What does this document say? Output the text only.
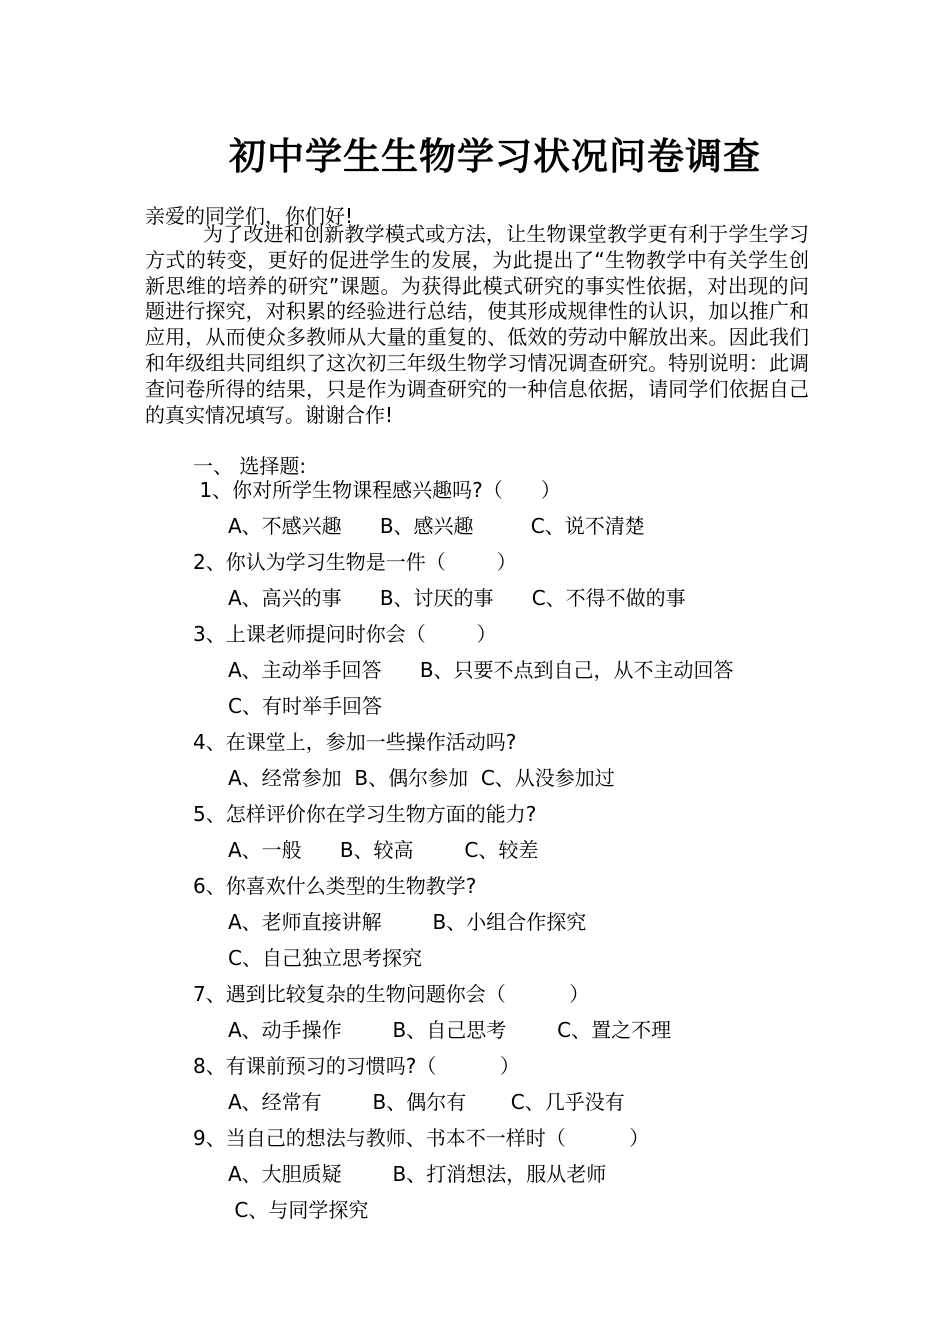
初中学生生物学习状况问卷调查
亲爱的同学们，你们好!
为了改进和创新教学模式或方法，让生物课堂教学更有利于学生学习方式的转变，更好的促进学生的发展，为此提出了“生物教学中有关学生创新思维的培养的研究”课题。为获得此模式研究的事实性依据，对出现的问题进行探究，对积累的经验进行总结，使其形成规律性的认识，加以推广和应用，从而使众多教师从大量的重复的、低效的劳动中解放出来。因此我们和年级组共同组织了这次初三年级生物学习情况调查研究。特别说明：此调查问卷所得的结果，只是作为调查研究的一种信息依据，请同学们依据自己的真实情况填写。谢谢合作!
一、 选择题:
1、你对所学生物课程感兴趣吗?（      ）
A、不感兴趣      B、感兴趣         C、说不清楚
2、你认为学习生物是一件（        ）
A、高兴的事      B、讨厌的事      C、不得不做的事
3、上课老师提问时你会（        ）
A、主动举手回答      B、只要不点到自己，从不主动回答
C、有时举手回答
4、在课堂上，参加一些操作活动吗?
A、经常参加  B、偶尔参加  C、从没参加过
5、怎样评价你在学习生物方面的能力?
A、一般      B、较高        C、较差
6、你喜欢什么类型的生物教学?
A、老师直接讲解        B、小组合作探究
C、自己独立思考探究
7、遇到比较复杂的生物问题你会（          ）
A、动手操作        B、自己思考        C、置之不理
8、有课前预习的习惯吗?（          ）
A、经常有        B、偶尔有       C、几乎没有
9、当自己的想法与教师、书本不一样时（          ）
A、大胆质疑        B、打消想法，服从老师
C、与同学探究
